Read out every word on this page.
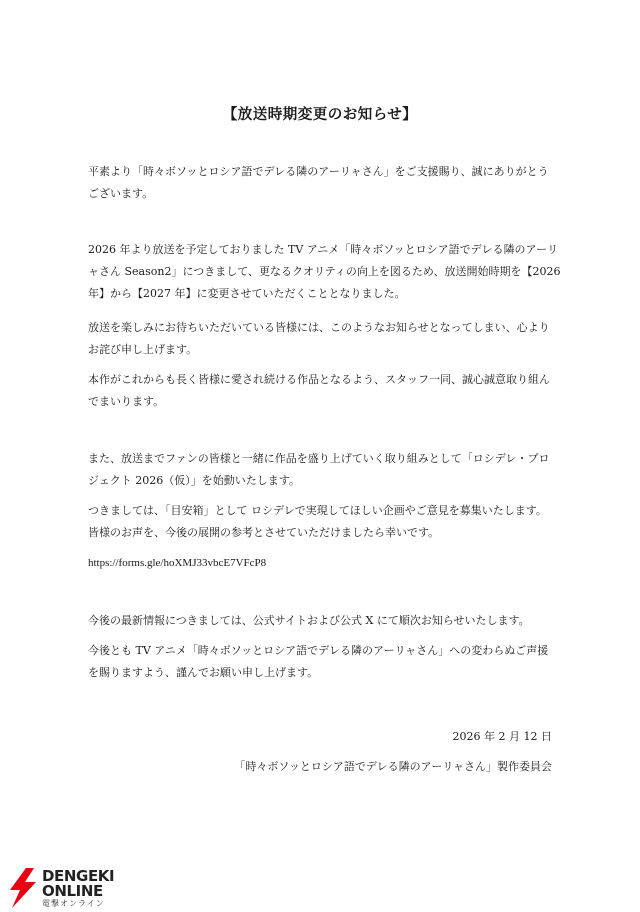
【放送時期変更のお知らせ】
平素より「時々ボソッとロシア語でデレる隣のアーリャさん」をご支援賜り、誠にありがとう
ございます。
2026 年より放送を予定しておりました TV アニメ「時々ボソッとロシア語でデレる隣のアーリ
ャさん Season2」につきまして、更なるクオリティの向上を図るため、放送開始時期を【2026
年】から【2027 年】に変更させていただくこととなりました。
放送を楽しみにお待ちいただいている皆様には、このようなお知らせとなってしまい、心より
お詫び申し上げます。
本作がこれからも長く皆様に愛され続ける作品となるよう、スタッフ一同、誠心誠意取り組ん
でまいります。
また、放送までファンの皆様と一緒に作品を盛り上げていく取り組みとして「ロシデレ・プロ
ジェクト 2026（仮）」を始動いたします。
つきましては、「目安箱」として ロシデレで実現してほしい企画やご意見を募集いたします。
皆様のお声を、今後の展開の参考とさせていただけましたら幸いです。
https://forms.gle/hoXMJ33vbcE7VFcP8
今後の最新情報につきましては、公式サイトおよび公式 X にて順次お知らせいたします。
今後とも TV アニメ「時々ボソッとロシア語でデレる隣のアーリャさん」への変わらぬご声援
を賜りますよう、謹んでお願い申し上げます。
2026 年 2 月 12 日
「時々ボソッとロシア語でデレる隣のアーリャさん」製作委員会
DENGEKI
ONLINE
電撃オンライン
